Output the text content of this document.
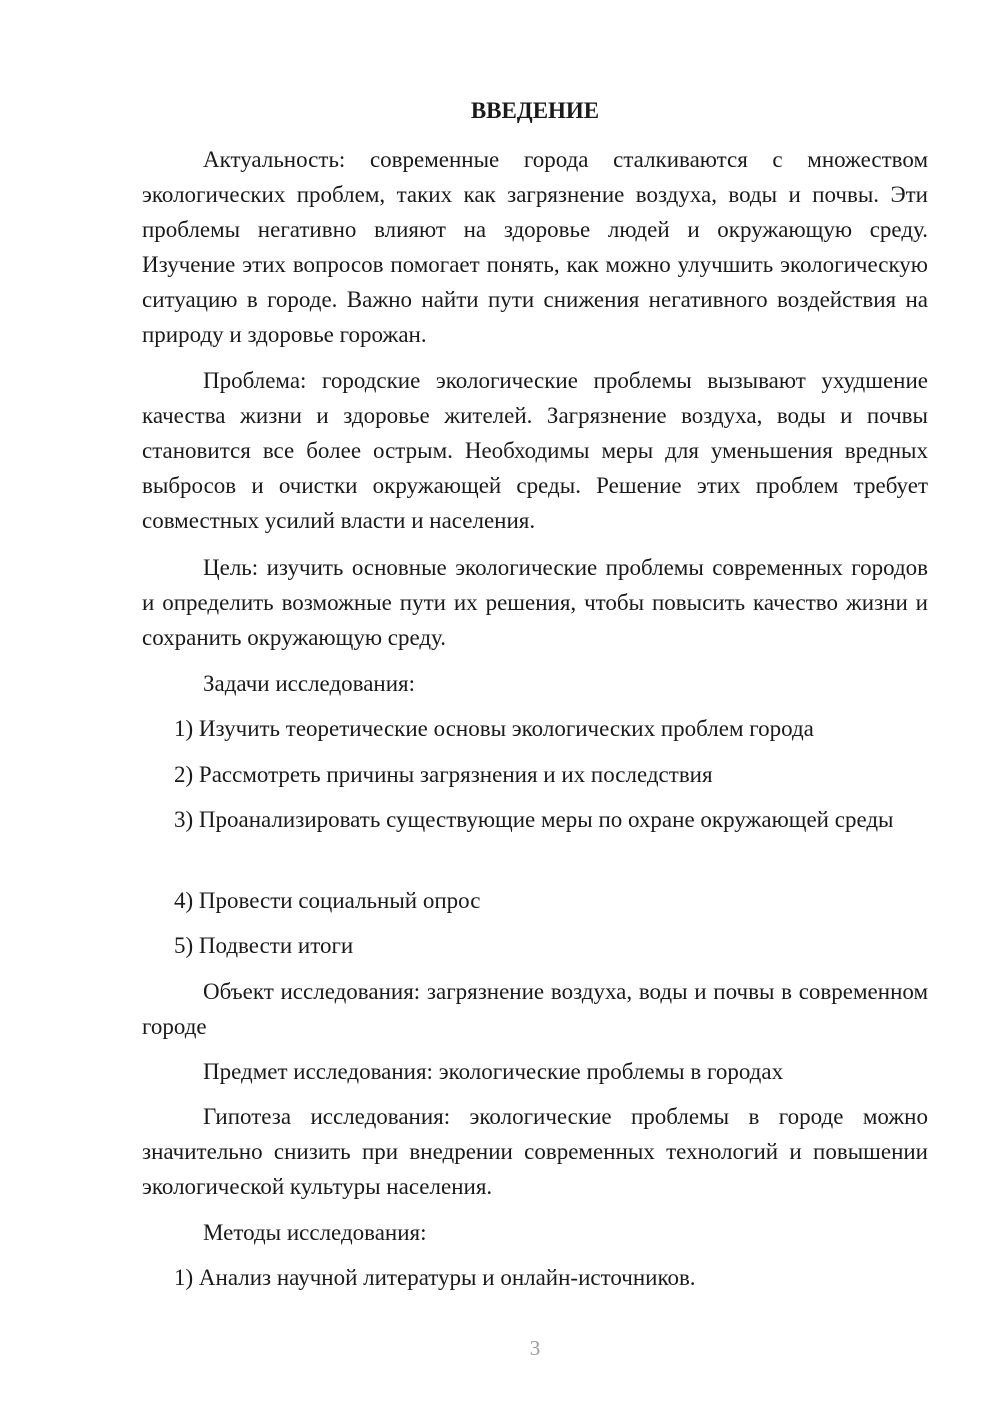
ВВЕДЕНИЕ

Актуальность: современные города сталкиваются с множеством экологических проблем, таких как загрязнение воздуха, воды и почвы. Эти проблемы негативно влияют на здоровье людей и окружающую среду. Изучение этих вопросов помогает понять, как можно улучшить экологическую ситуацию в городе. Важно найти пути снижения негативного воздействия на природу и здоровье горожан.

Проблема: городские экологические проблемы вызывают ухудшение качества жизни и здоровье жителей. Загрязнение воздуха, воды и почвы становится все более острым. Необходимы меры для уменьшения вредных выбросов и очистки окружающей среды. Решение этих проблем требует совместных усилий власти и населения.

Цель: изучить основные экологические проблемы современных городов и определить возможные пути их решения, чтобы повысить качество жизни и сохранить окружающую среду.

Задачи исследования:

1) Изучить теоретические основы экологических проблем города

2) Рассмотреть причины загрязнения и их последствия

3) Проанализировать существующие меры по охране окружающей среды

4) Провести социальный опрос

5) Подвести итоги

Объект исследования: загрязнение воздуха, воды и почвы в современном городе

Предмет исследования: экологические проблемы в городах

Гипотеза исследования: экологические проблемы в городе можно значительно снизить при внедрении современных технологий и повышении экологической культуры населения.

Методы исследования:

1) Анализ научной литературы и онлайн-источников.

3
